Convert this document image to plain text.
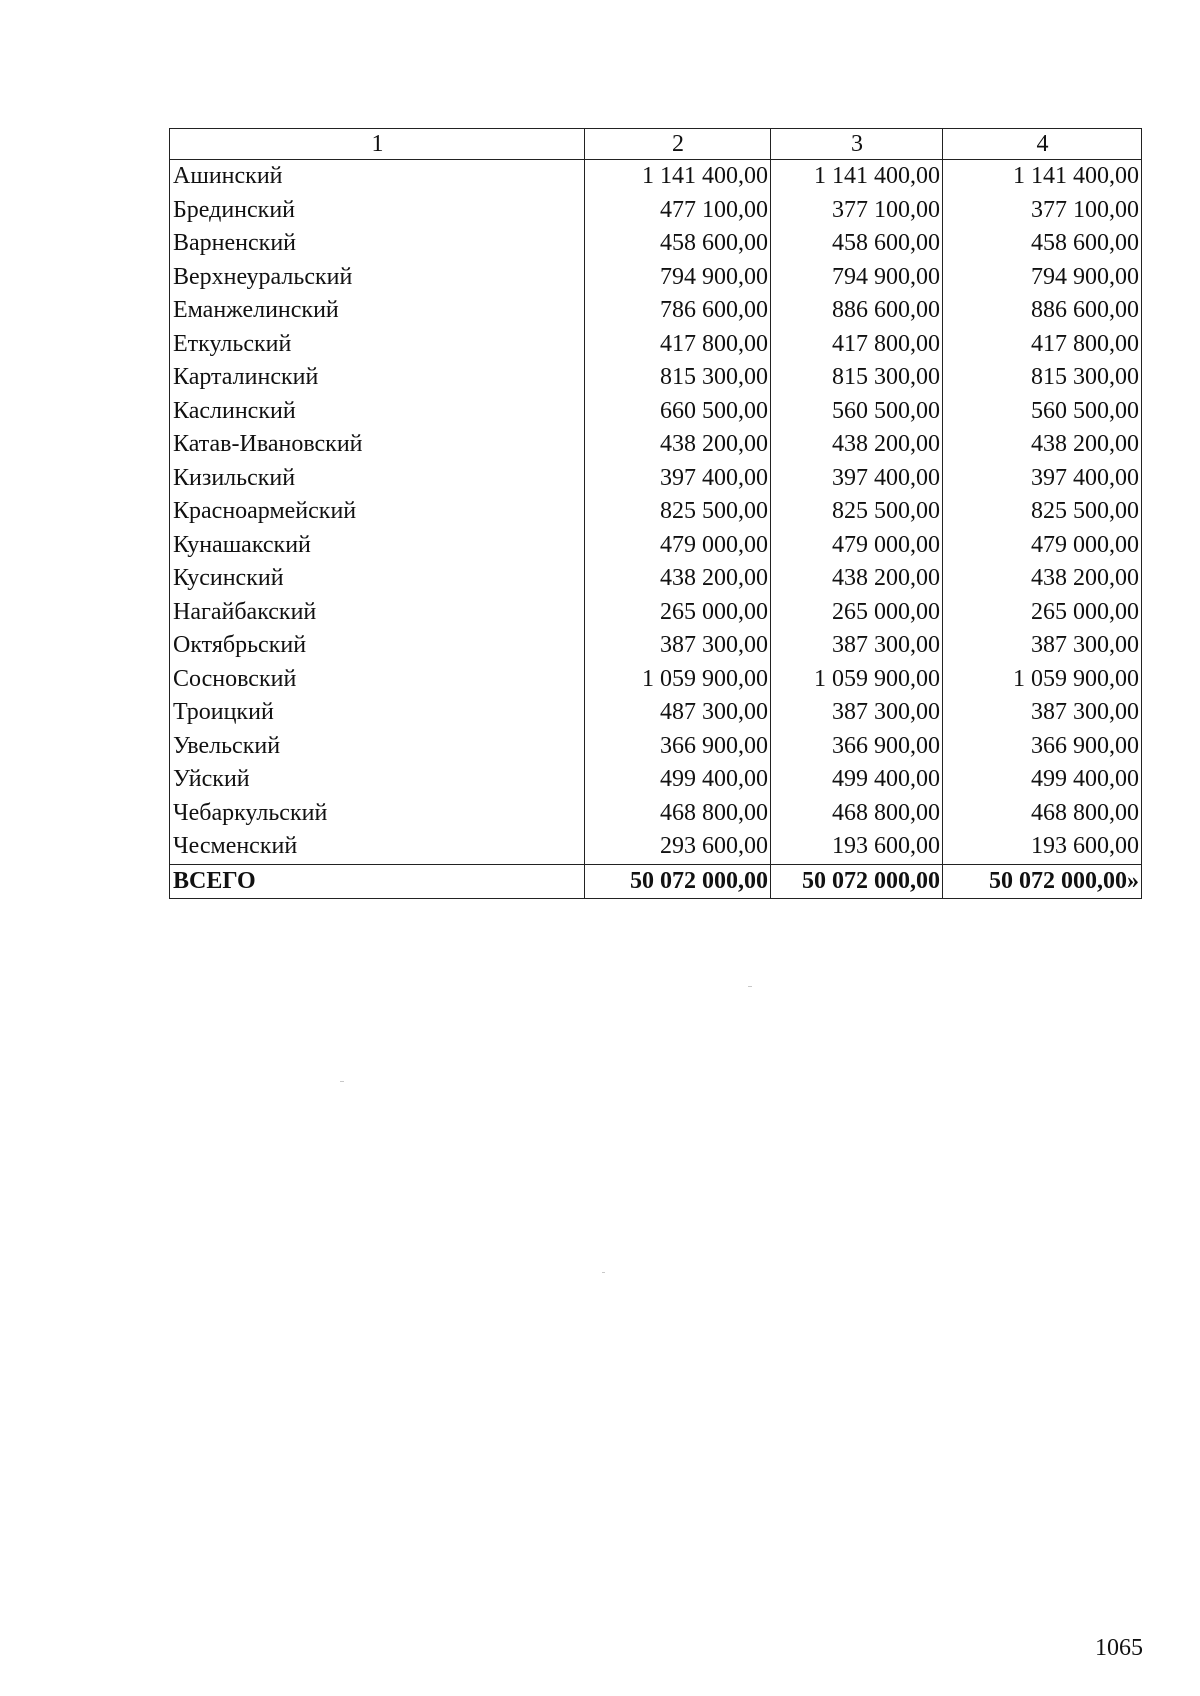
1	2	3	4
Ашинский	1 141 400,00	1 141 400,00	1 141 400,00
Брединский	477 100,00	377 100,00	377 100,00
Варненский	458 600,00	458 600,00	458 600,00
Верхнеуральский	794 900,00	794 900,00	794 900,00
Еманжелинский	786 600,00	886 600,00	886 600,00
Еткульский	417 800,00	417 800,00	417 800,00
Карталинский	815 300,00	815 300,00	815 300,00
Каслинский	660 500,00	560 500,00	560 500,00
Катав-Ивановский	438 200,00	438 200,00	438 200,00
Кизильский	397 400,00	397 400,00	397 400,00
Красноармейский	825 500,00	825 500,00	825 500,00
Кунашакский	479 000,00	479 000,00	479 000,00
Кусинский	438 200,00	438 200,00	438 200,00
Нагайбакский	265 000,00	265 000,00	265 000,00
Октябрьский	387 300,00	387 300,00	387 300,00
Сосновский	1 059 900,00	1 059 900,00	1 059 900,00
Троицкий	487 300,00	387 300,00	387 300,00
Увельский	366 900,00	366 900,00	366 900,00
Уйский	499 400,00	499 400,00	499 400,00
Чебаркульский	468 800,00	468 800,00	468 800,00
Чесменский	293 600,00	193 600,00	193 600,00
ВСЕГО	50 072 000,00	50 072 000,00	50 072 000,00»
1065
